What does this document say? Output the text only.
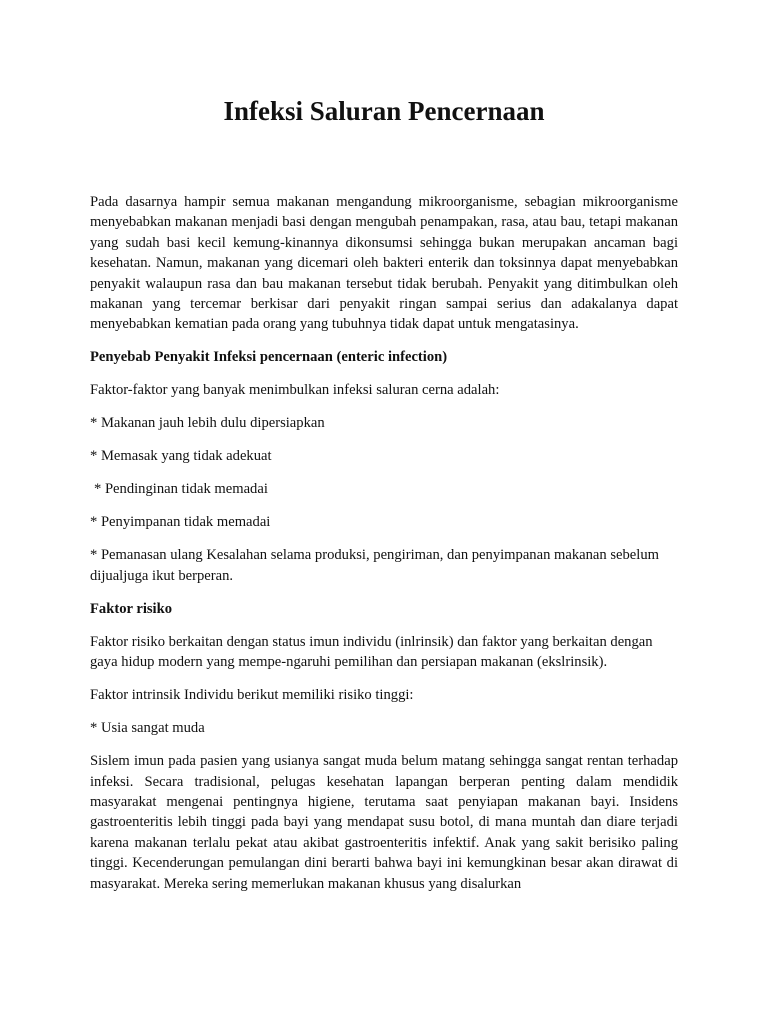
Infeksi Saluran Pencernaan

Pada dasarnya hampir semua makanan mengandung mikroorganisme, sebagian mikroorganisme menyebabkan makanan menjadi basi dengan mengubah penampakan, rasa, atau bau, tetapi makanan yang sudah basi kecil kemung-kinannya dikonsumsi sehingga bukan merupakan ancaman bagi kesehatan. Namun, makanan yang dicemari oleh bakteri enterik dan toksinnya dapat menyebabkan penyakit walaupun rasa dan bau makanan tersebut tidak berubah. Penyakit yang ditimbulkan oleh makanan yang tercemar berkisar dari penyakit ringan sampai serius dan adakalanya dapat menyebabkan kematian pada orang yang tubuhnya tidak dapat untuk mengatasinya.

Penyebab Penyakit Infeksi pencernaan (enteric infection)

Faktor-faktor yang banyak menimbulkan infeksi saluran cerna adalah:

* Makanan jauh lebih dulu dipersiapkan

* Memasak yang tidak adekuat

* Pendinginan tidak memadai

* Penyimpanan tidak memadai

* Pemanasan ulang Kesalahan selama produksi, pengiriman, dan penyimpanan makanan sebelum dijualjuga ikut berperan.

Faktor risiko

Faktor risiko berkaitan dengan status imun individu (inlrinsik) dan faktor yang berkaitan dengan gaya hidup modern yang mempe-ngaruhi pemilihan dan persiapan makanan (ekslrinsik).

Faktor intrinsik Individu berikut memiliki risiko tinggi:

* Usia sangat muda

Sislem imun pada pasien yang usianya sangat muda belum matang sehingga sangat rentan terhadap infeksi. Secara tradisional, pelugas kesehatan lapangan berperan penting dalam mendidik masyarakat mengenai pentingnya higiene, terutama saat penyiapan makanan bayi. Insidens gastroenteritis lebih tinggi pada bayi yang mendapat susu botol, di mana muntah dan diare terjadi karena makanan terlalu pekat atau akibat gastroenteritis infektif. Anak yang sakit berisiko paling tinggi. Kecenderungan pemulangan dini berarti bahwa bayi ini kemungkinan besar akan dirawat di masyarakat. Mereka sering memerlukan makanan khusus yang disalurkan
